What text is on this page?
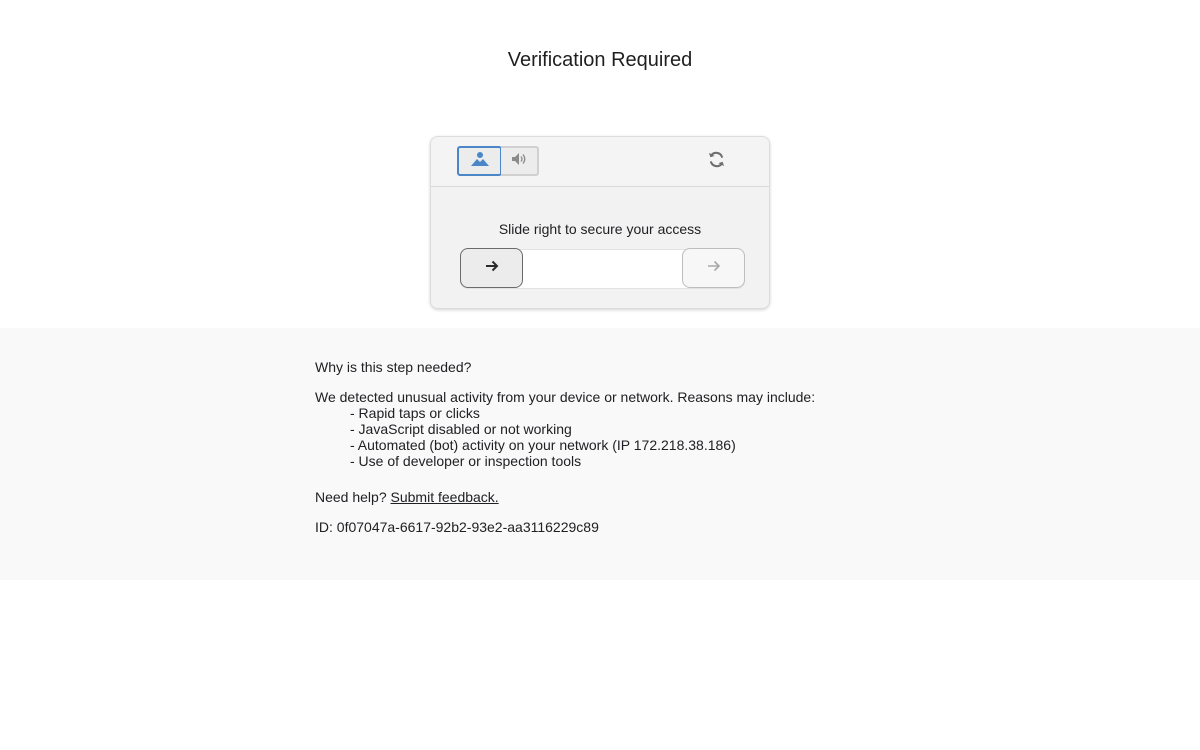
Verification Required
Slide right to secure your access

Why is this step needed?

We detected unusual activity from your device or network. Reasons may include:

- Rapid taps or clicks
- JavaScript disabled or not working
- Automated (bot) activity on your network (IP 172.218.38.186)
- Use of developer or inspection tools

Need help? Submit feedback.

ID: 0f07047a-6617-92b2-93e2-aa3116229c89
